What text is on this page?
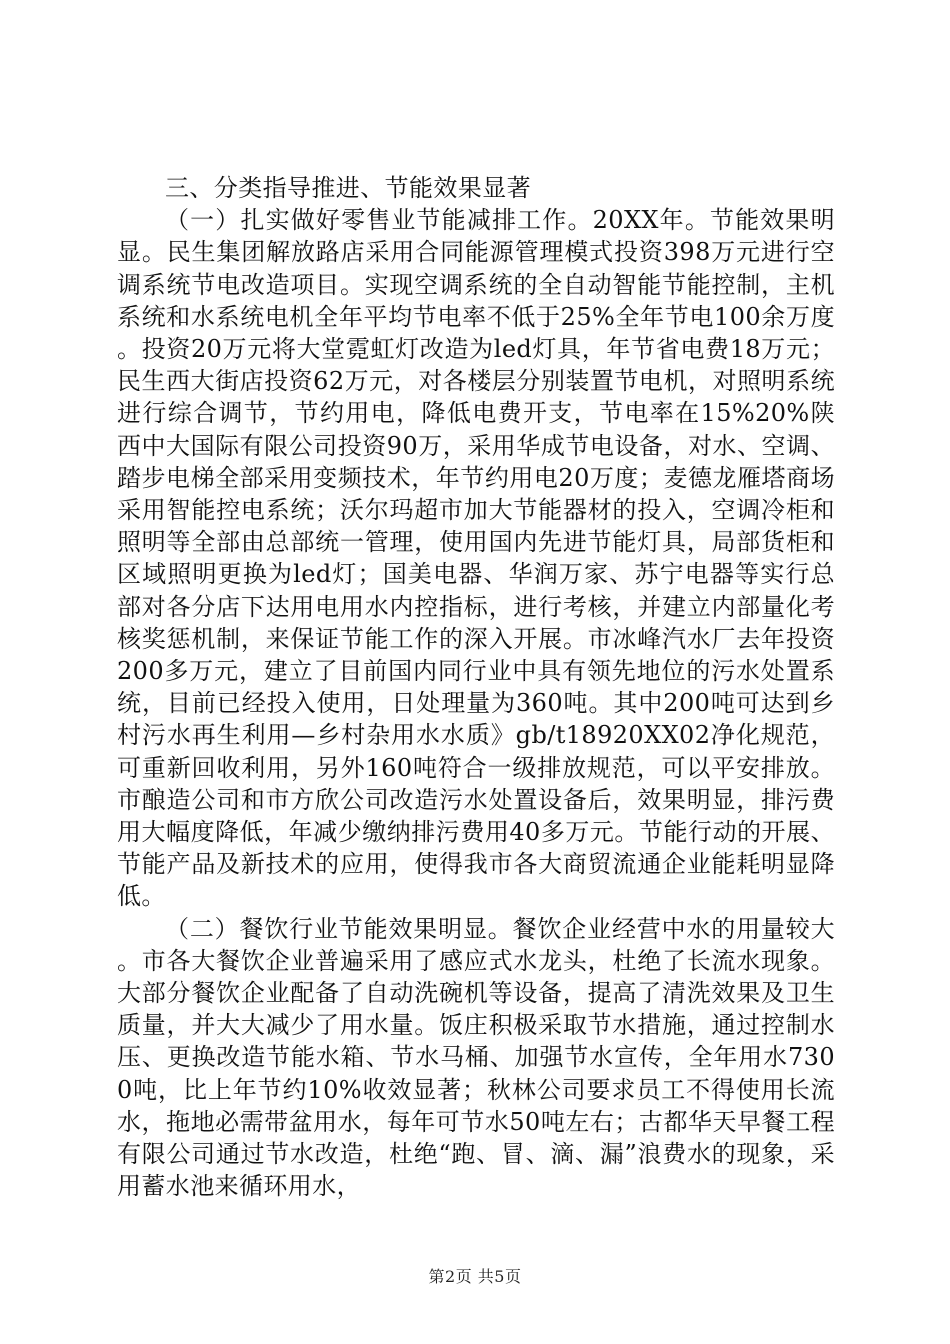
三、分类指导推进、节能效果显著

（一）扎实做好零售业节能减排工作。20XX年。节能效果明显。民生集团解放路店采用合同能源管理模式投资398万元进行空调系统节电改造项目。实现空调系统的全自动智能节能控制，主机系统和水系统电机全年平均节电率不低于25%全年节电100余万度。投资20万元将大堂霓虹灯改造为led灯具，年节省电费18万元；民生西大街店投资62万元，对各楼层分别装置节电机，对照明系统进行综合调节，节约用电，降低电费开支，节电率在15%20%陕西中大国际有限公司投资90万，采用华成节电设备，对水、空调、踏步电梯全部采用变频技术，年节约用电20万度；麦德龙雁塔商场采用智能控电系统；沃尔玛超市加大节能器材的投入，空调冷柜和照明等全部由总部统一管理，使用国内先进节能灯具，局部货柜和区域照明更换为led灯；国美电器、华润万家、苏宁电器等实行总部对各分店下达用电用水内控指标，进行考核，并建立内部量化考核奖惩机制，来保证节能工作的深入开展。市冰峰汽水厂去年投资200多万元，建立了目前国内同行业中具有领先地位的污水处置系统，目前已经投入使用，日处理量为360吨。其中200吨可达到乡村污水再生利用—乡村杂用水水质》gb/t18920XX02净化规范，可重新回收利用，另外160吨符合一级排放规范，可以平安排放。市酿造公司和市方欣公司改造污水处置设备后，效果明显，排污费用大幅度降低，年减少缴纳排污费用40多万元。节能行动的开展、节能产品及新技术的应用，使得我市各大商贸流通企业能耗明显降低。

（二）餐饮行业节能效果明显。餐饮企业经营中水的用量较大。市各大餐饮企业普遍采用了感应式水龙头，杜绝了长流水现象。大部分餐饮企业配备了自动洗碗机等设备，提高了清洗效果及卫生质量，并大大减少了用水量。饭庄积极采取节水措施，通过控制水压、更换改造节能水箱、节水马桶、加强节水宣传，全年用水7300吨，比上年节约10%收效显著；秋林公司要求员工不得使用长流水，拖地必需带盆用水，每年可节水50吨左右；古都华天早餐工程有限公司通过节水改造，杜绝“跑、冒、滴、漏”浪费水的现象，采用蓄水池来循环用水，

第2页 共5页
